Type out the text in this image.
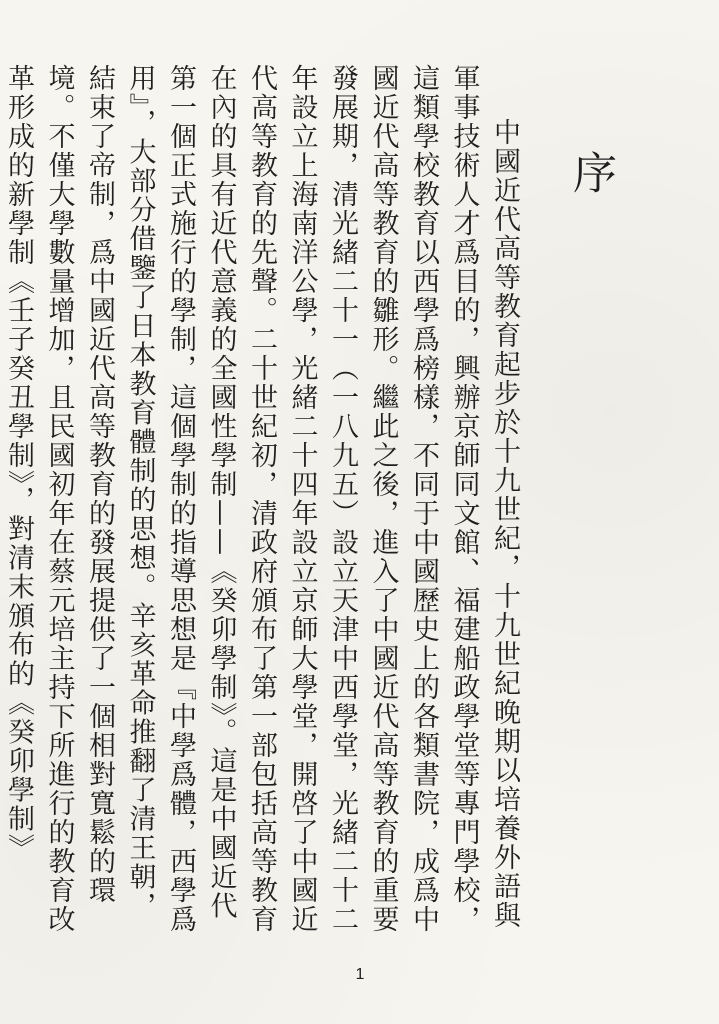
序

中國近代高等教育起步於十九世紀，十九世紀晚期以培養外語與軍事技術人才爲目的，興辦京師同文館、福建船政學堂等專門學校，這類學校教育以西學爲榜樣，不同于中國歷史上的各類書院，成爲中國近代高等教育的雛形。繼此之後，進入了中國近代高等教育的重要發展期，清光緒二十一（一八九五）設立天津中西學堂，光緒二十二年設立上海南洋公學，光緒二十四年設立京師大學堂，開啓了中國近代高等教育的先聲。二十世紀初，清政府頒布了第一部包括高等教育在內的具有近代意義的全國性學制——《癸卯學制》。這是中國近代第一個正式施行的學制，這個學制的指導思想是『中學爲體，西學爲用』，大部分借鑒了日本教育體制的思想。辛亥革命推翻了清王朝，結束了帝制，爲中國近代高等教育的發展提供了一個相對寬鬆的環境。不僅大學數量增加，且民國初年在蔡元培主持下所進行的教育改革形成的新學制《壬子癸丑學制》，對清末頒布的《癸卯學制》

1
